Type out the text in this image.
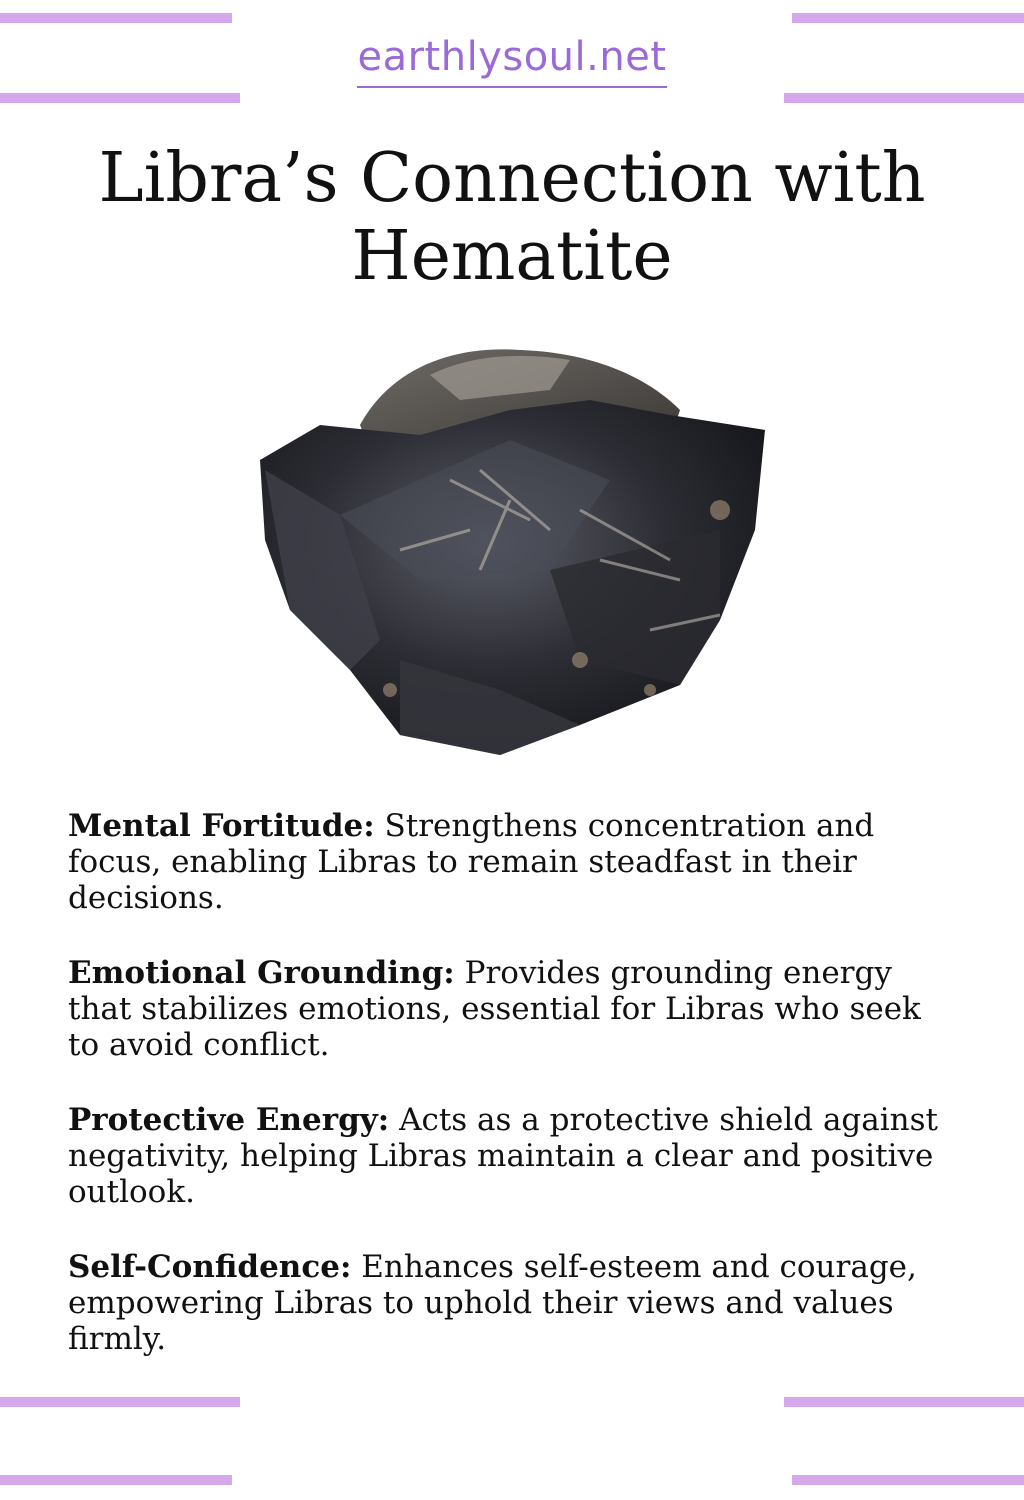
earthlysoul.net
Libra’s Connection with Hematite

Mental Fortitude: Strengthens concentration and focus, enabling Libras to remain steadfast in their decisions.

Emotional Grounding: Provides grounding energy that stabilizes emotions, essential for Libras who seek to avoid conflict.

Protective Energy: Acts as a protective shield against negativity, helping Libras maintain a clear and positive outlook.

Self-Confidence: Enhances self-esteem and courage, empowering Libras to uphold their views and values firmly.
